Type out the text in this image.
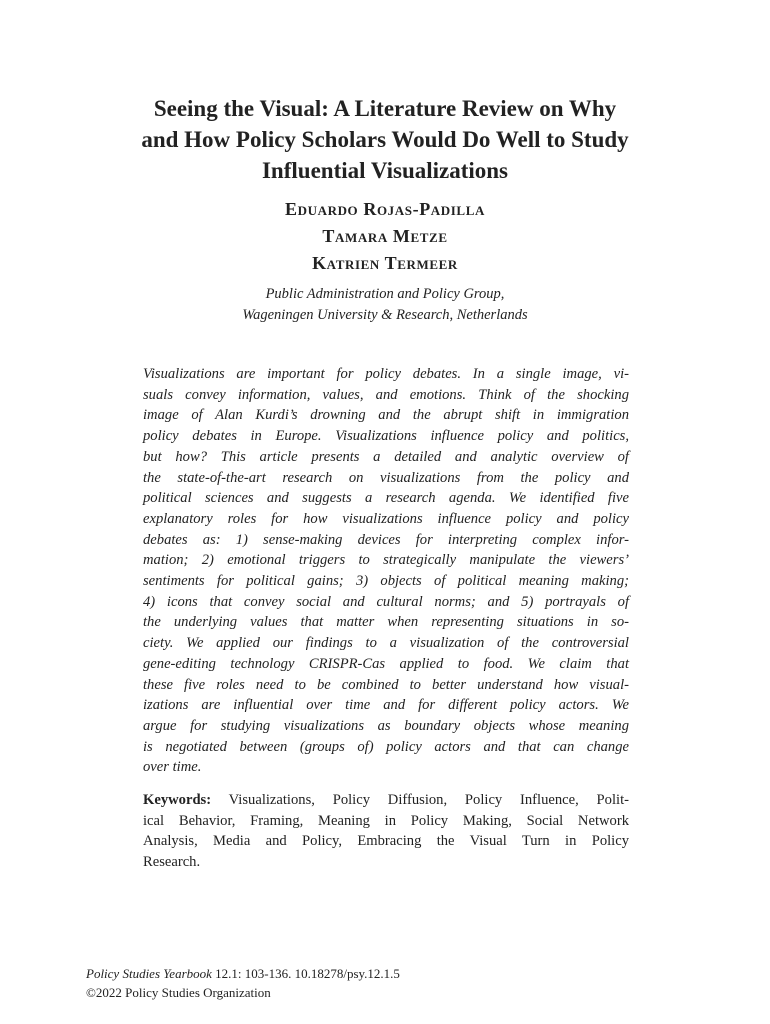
Seeing the Visual: A Literature Review on Why
and How Policy Scholars Would Do Well to Study
Influential Visualizations
Eduardo Rojas-Padilla
Tamara Metze
Katrien Termeer
Public Administration and Policy Group,
Wageningen University & Research, Netherlands
Visualizations are important for policy debates. In a single image, vi-
suals convey information, values, and emotions. Think of the shocking
image of Alan Kurdi’s drowning and the abrupt shift in immigration
policy debates in Europe. Visualizations influence policy and politics,
but how? This article presents a detailed and analytic overview of
the state-of-the-art research on visualizations from the policy and
political sciences and suggests a research agenda. We identified five
explanatory roles for how visualizations influence policy and policy
debates as: 1) sense-making devices for interpreting complex infor-
mation; 2) emotional triggers to strategically manipulate the viewers’
sentiments for political gains; 3) objects of political meaning making;
4) icons that convey social and cultural norms; and 5) portrayals of
the underlying values that matter when representing situations in so-
ciety. We applied our findings to a visualization of the controversial
gene-editing technology CRISPR-Cas applied to food. We claim that
these five roles need to be combined to better understand how visual-
izations are influential over time and for different policy actors. We
argue for studying visualizations as boundary objects whose meaning
is negotiated between (groups of) policy actors and that can change
over time.
Keywords: Visualizations, Policy Diffusion, Policy Influence, Polit-
ical Behavior, Framing, Meaning in Policy Making, Social Network
Analysis, Media and Policy, Embracing the Visual Turn in Policy
Research.
Policy Studies Yearbook 12.1: 103-136. 10.18278/psy.12.1.5
©2022 Policy Studies Organization
